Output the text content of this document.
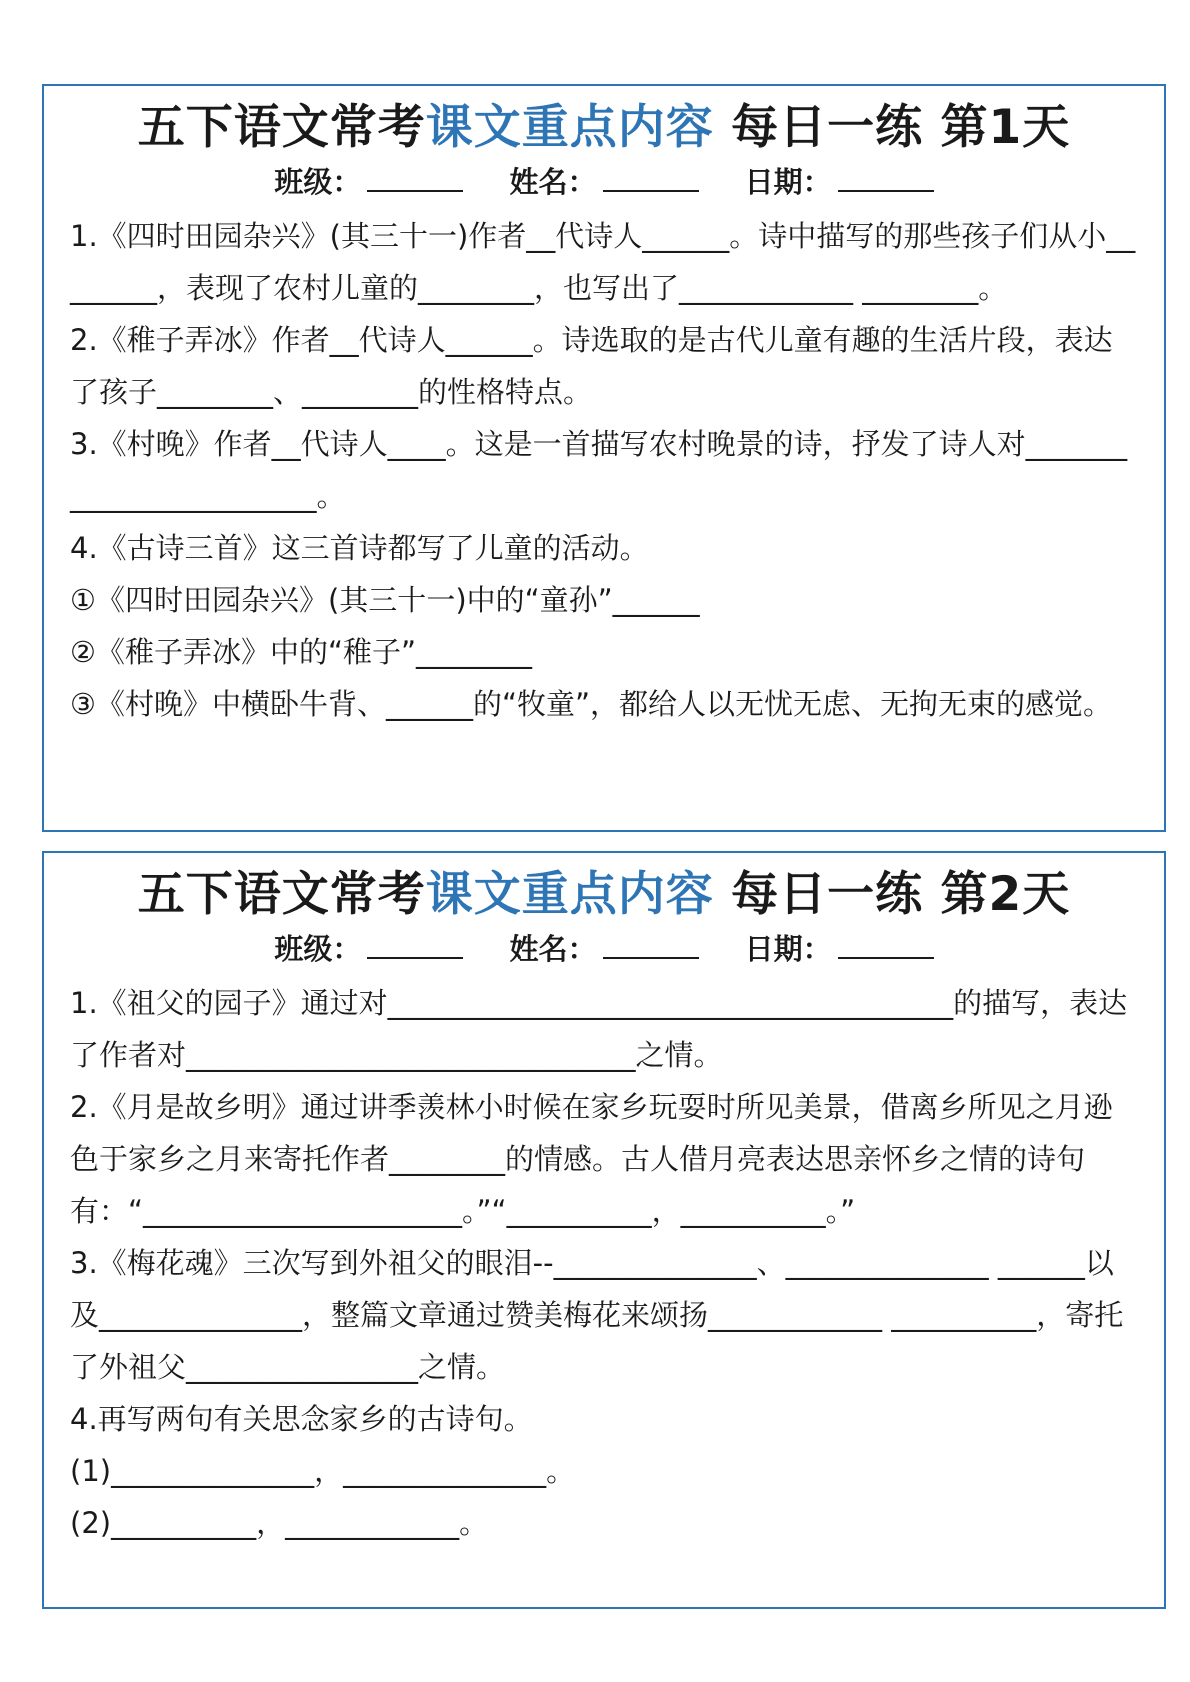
五下语文常考课文重点内容 每日一练 第1天
班级：	姓名：	日期：
1.《四时田园杂兴》(其三十一)作者__代诗人______。诗中描写的那些孩子们从小________，表现了农村儿童的________，也写出了____________ ________。
2.《稚子弄冰》作者__代诗人______。诗选取的是古代儿童有趣的生活片段，表达了孩子________、________的性格特点。
3.《村晚》作者__代诗人____。这是一首描写农村晚景的诗，抒发了诗人对________________________。
4.《古诗三首》这三首诗都写了儿童的活动。
①《四时田园杂兴》(其三十一)中的“童孙”______
②《稚子弄冰》中的“稚子”________
③《村晚》中横卧牛背、______的“牧童”，都给人以无忧无虑、无拘无束的感觉。
五下语文常考课文重点内容 每日一练 第2天
班级：	姓名：	日期：
1.《祖父的园子》通过对_______________________________________的描写，表达了作者对_______________________________之情。
2.《月是故乡明》通过讲季羡林小时候在家乡玩耍时所见美景，借离乡所见之月逊色于家乡之月来寄托作者________的情感。古人借月亮表达思亲怀乡之情的诗句有：“______________________。”“__________，__________。”
3.《梅花魂》三次写到外祖父的眼泪--______________、______________ ______以及______________，整篇文章通过赞美梅花来颂扬____________ __________，寄托了外祖父________________之情。
4.再写两句有关思念家乡的古诗句。
(1)______________，______________。
(2)__________，____________。
